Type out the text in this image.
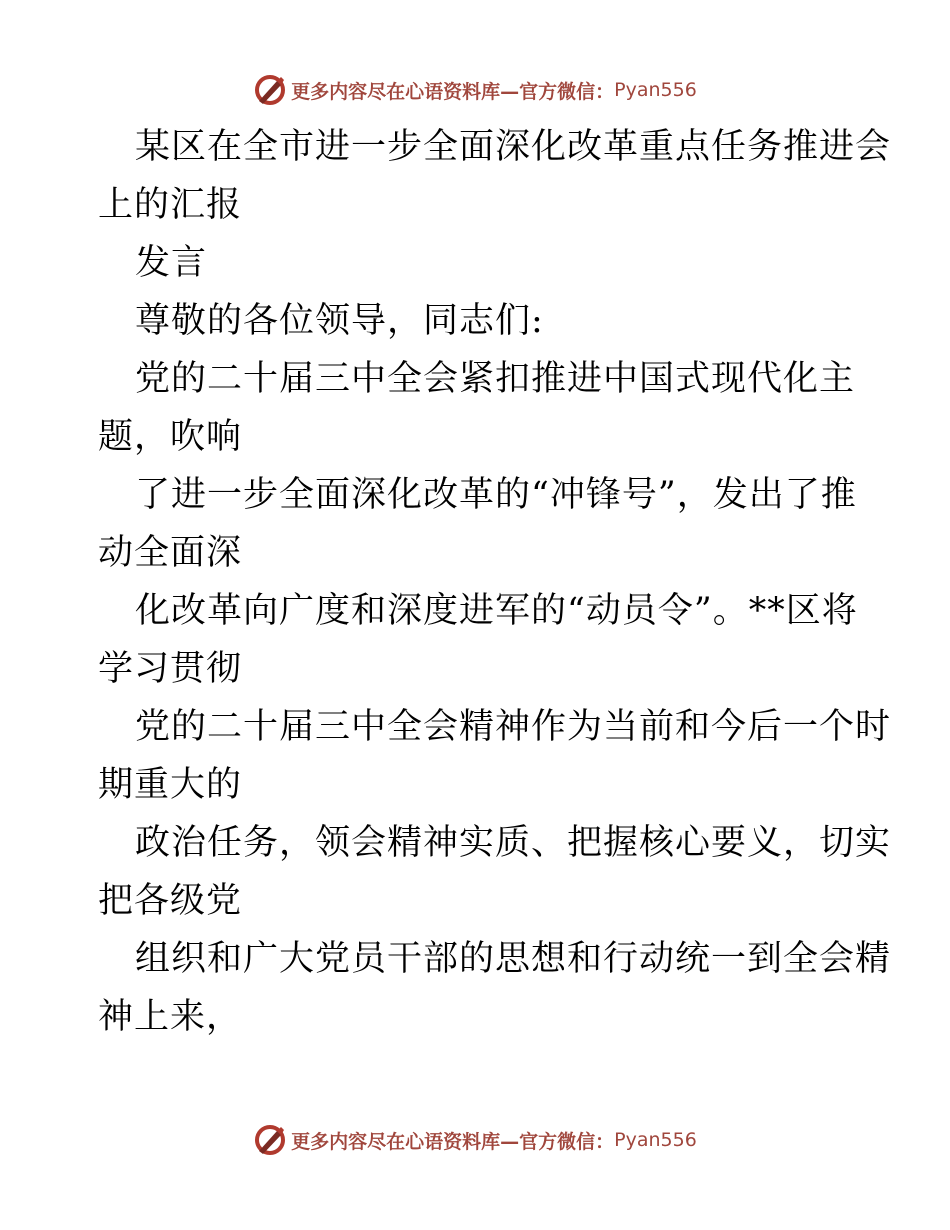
更多内容尽在心语资料库—官方微信： Pyan556
某区在全市进一步全面深化改革重点任务推进会
上的汇报
发言
尊敬的各位领导，同志们:
党的二十届三中全会紧扣推进中国式现代化主
题，吹响
了进一步全面深化改革的“冲锋号”，发出了推
动全面深
化改革向广度和深度进军的“动员令”。**区将
学习贯彻
党的二十届三中全会精神作为当前和今后一个时
期重大的
政治任务，领会精神实质、把握核心要义，切实
把各级党
组织和广大党员干部的思想和行动统一到全会精
神上来，
更多内容尽在心语资料库—官方微信： Pyan556
